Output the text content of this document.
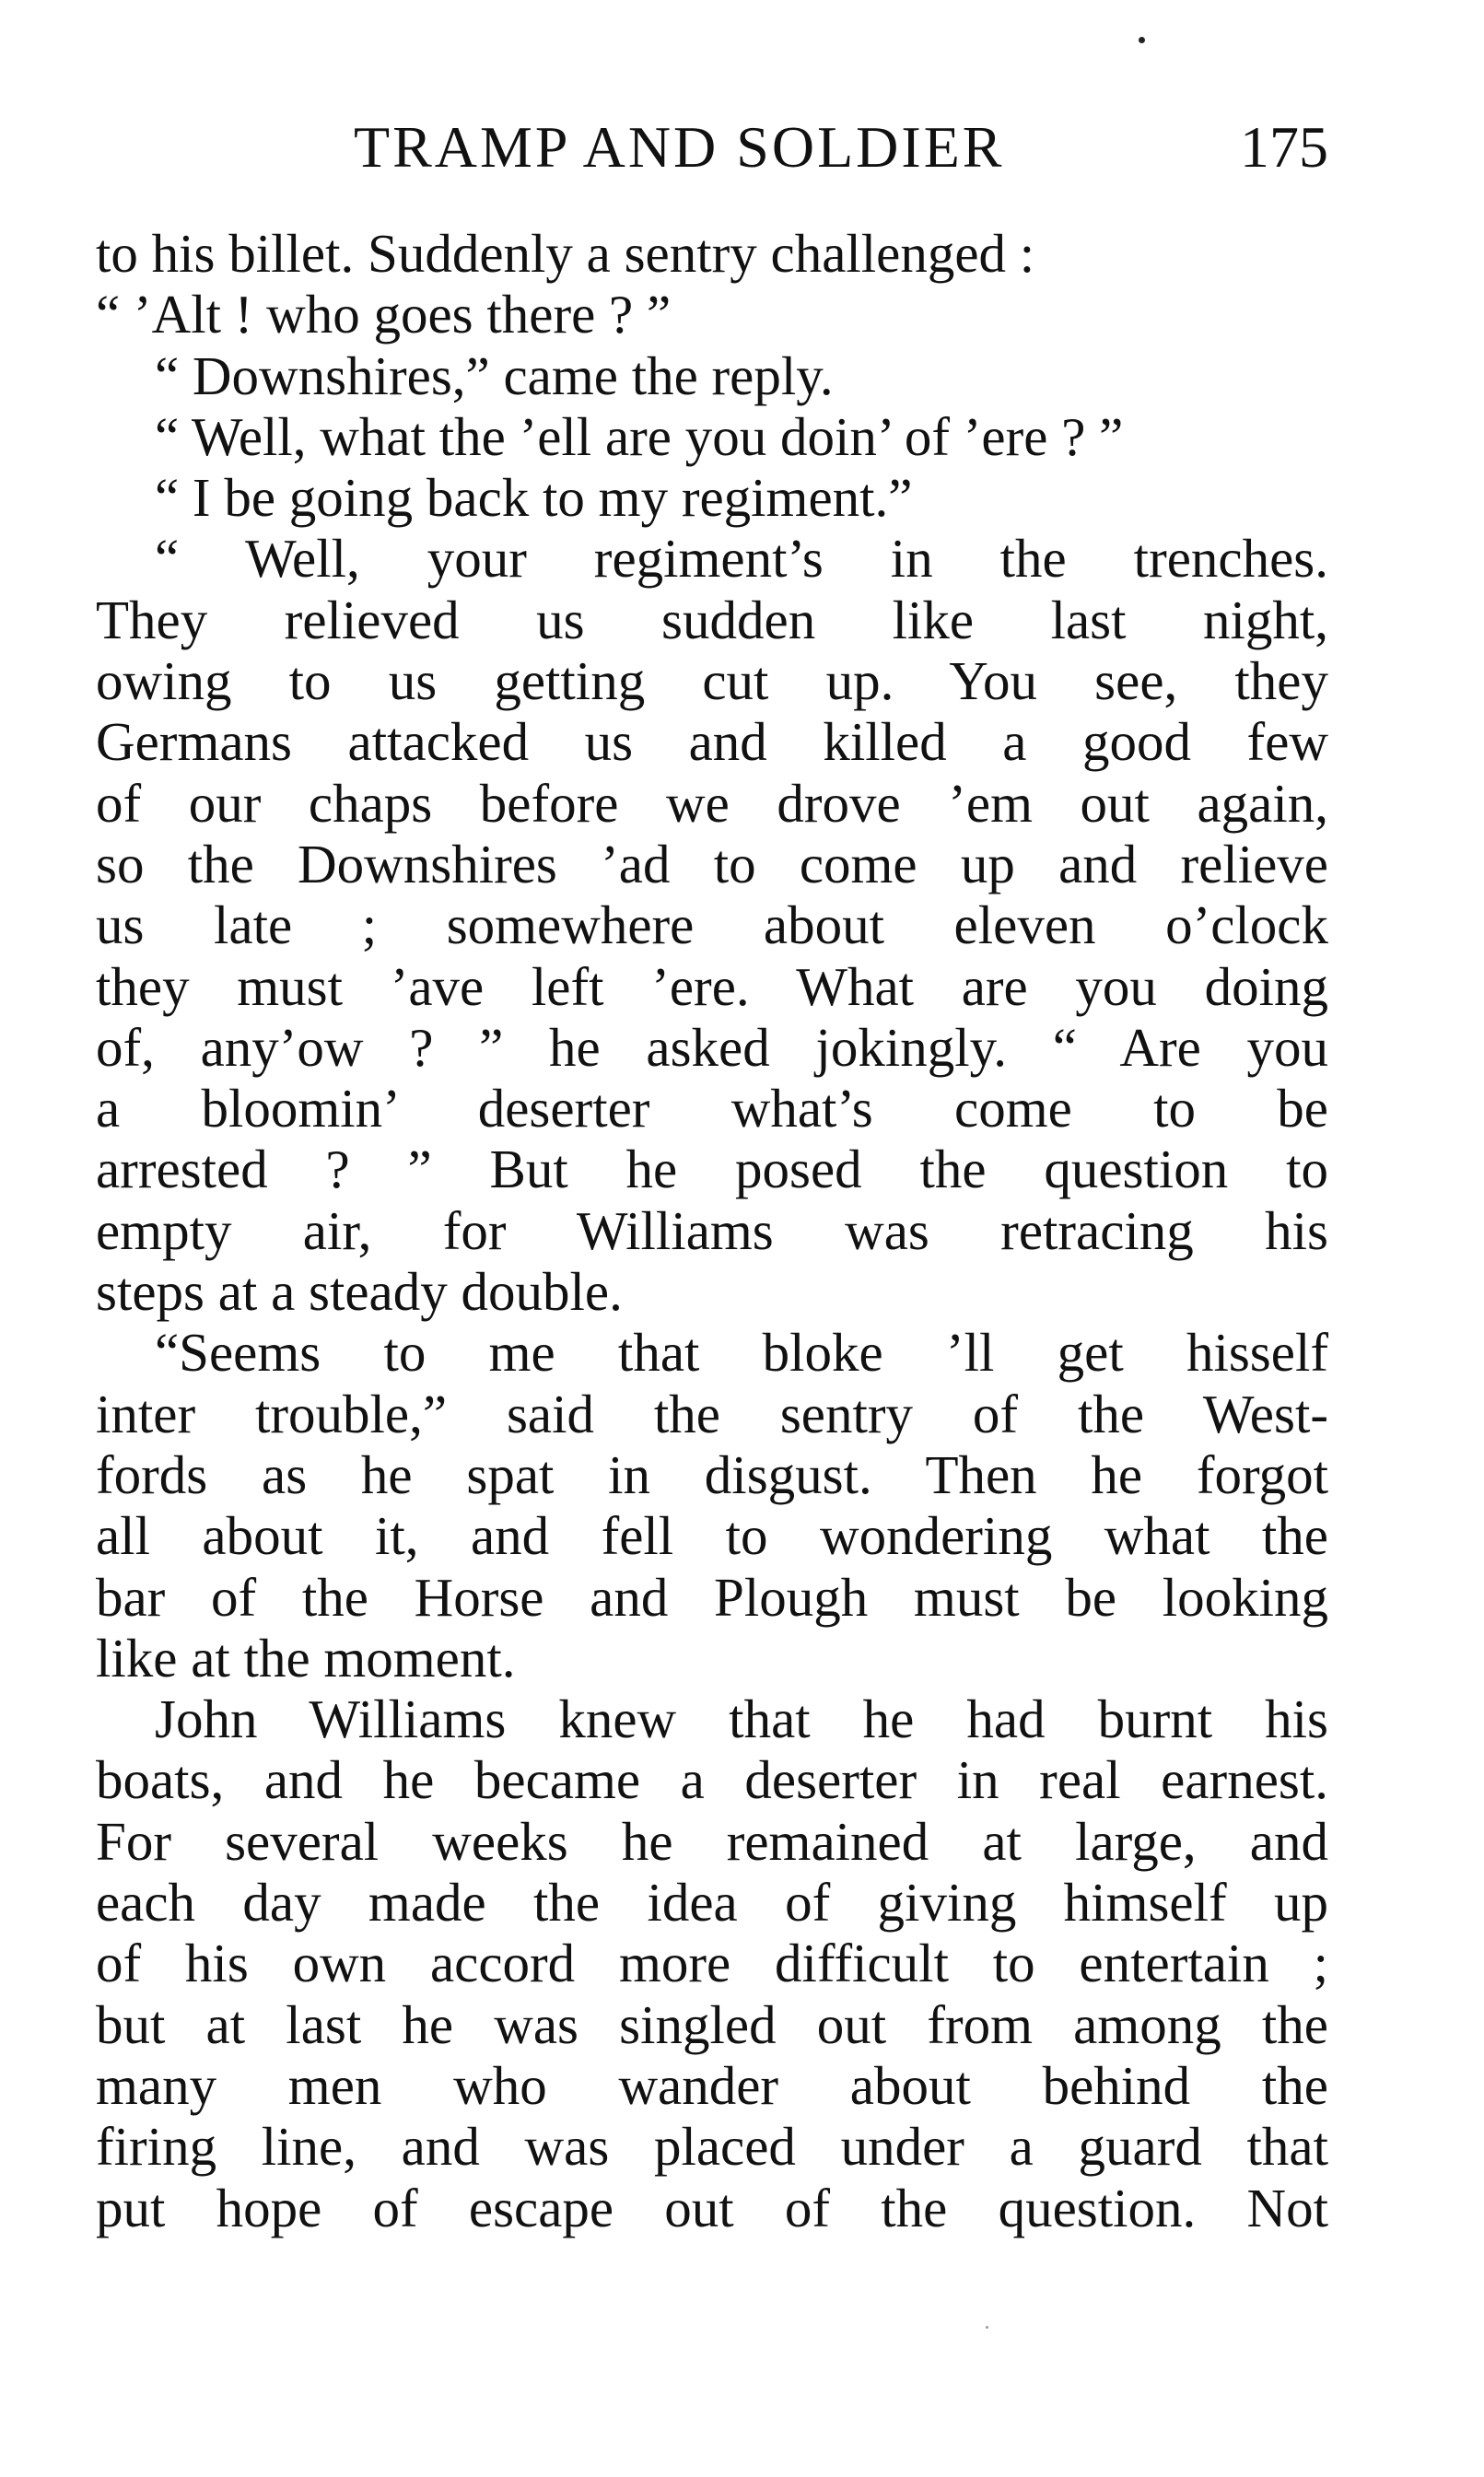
TRAMP AND SOLDIER	175
to his billet. Suddenly a sentry challenged :
“ ’Alt ! who goes there ? ”
“ Downshires,” came the reply.
“ Well, what the ’ell are you doin’ of ’ere ? ”
“ I be going back to my regiment.”
“ Well, your regiment’s in the trenches.
They relieved us sudden like last night,
owing to us getting cut up. You see, they
Germans attacked us and killed a good few
of our chaps before we drove ’em out again,
so the Downshires ’ad to come up and relieve
us late ; somewhere about eleven o’clock
they must ’ave left ’ere. What are you doing
of, any’ow ? ” he asked jokingly. “ Are you
a bloomin’ deserter what’s come to be
arrested ? ” But he posed the question to
empty air, for Williams was retracing his
steps at a steady double.
“Seems to me that bloke ’ll get hisself
inter trouble,” said the sentry of the West-
fords as he spat in disgust. Then he forgot
all about it, and fell to wondering what the
bar of the Horse and Plough must be looking
like at the moment.
John Williams knew that he had burnt his
boats, and he became a deserter in real earnest.
For several weeks he remained at large, and
each day made the idea of giving himself up
of his own accord more difficult to entertain ;
but at last he was singled out from among the
many men who wander about behind the
firing line, and was placed under a guard that
put hope of escape out of the question. Not
